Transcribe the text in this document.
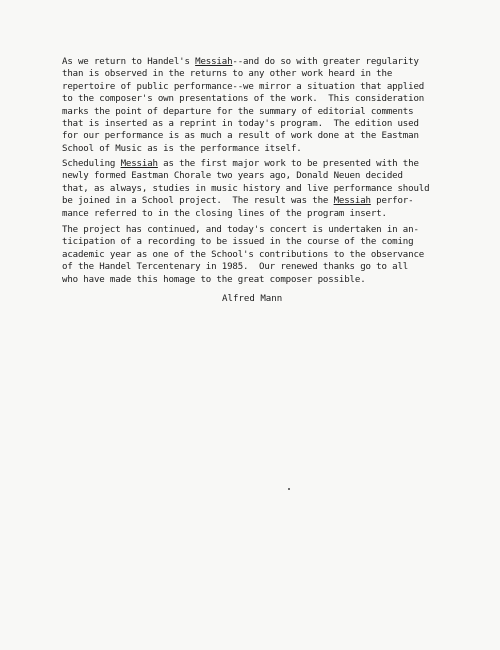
As we return to Handel's Messiah--and do so with greater regularity
than is observed in the returns to any other work heard in the
repertoire of public performance--we mirror a situation that applied
to the composer's own presentations of the work.  This consideration
marks the point of departure for the summary of editorial comments
that is inserted as a reprint in today's program.  The edition used
for our performance is as much a result of work done at the Eastman
School of Music as is the performance itself.
Scheduling Messiah as the first major work to be presented with the
newly formed Eastman Chorale two years ago, Donald Neuen decided
that, as always, studies in music history and live performance should
be joined in a School project.  The result was the Messiah perfor-
mance referred to in the closing lines of the program insert.
The project has continued, and today's concert is undertaken in an-
ticipation of a recording to be issued in the course of the coming
academic year as one of the School's contributions to the observance
of the Handel Tercentenary in 1985.  Our renewed thanks go to all
who have made this homage to the great composer possible.
Alfred Mann
